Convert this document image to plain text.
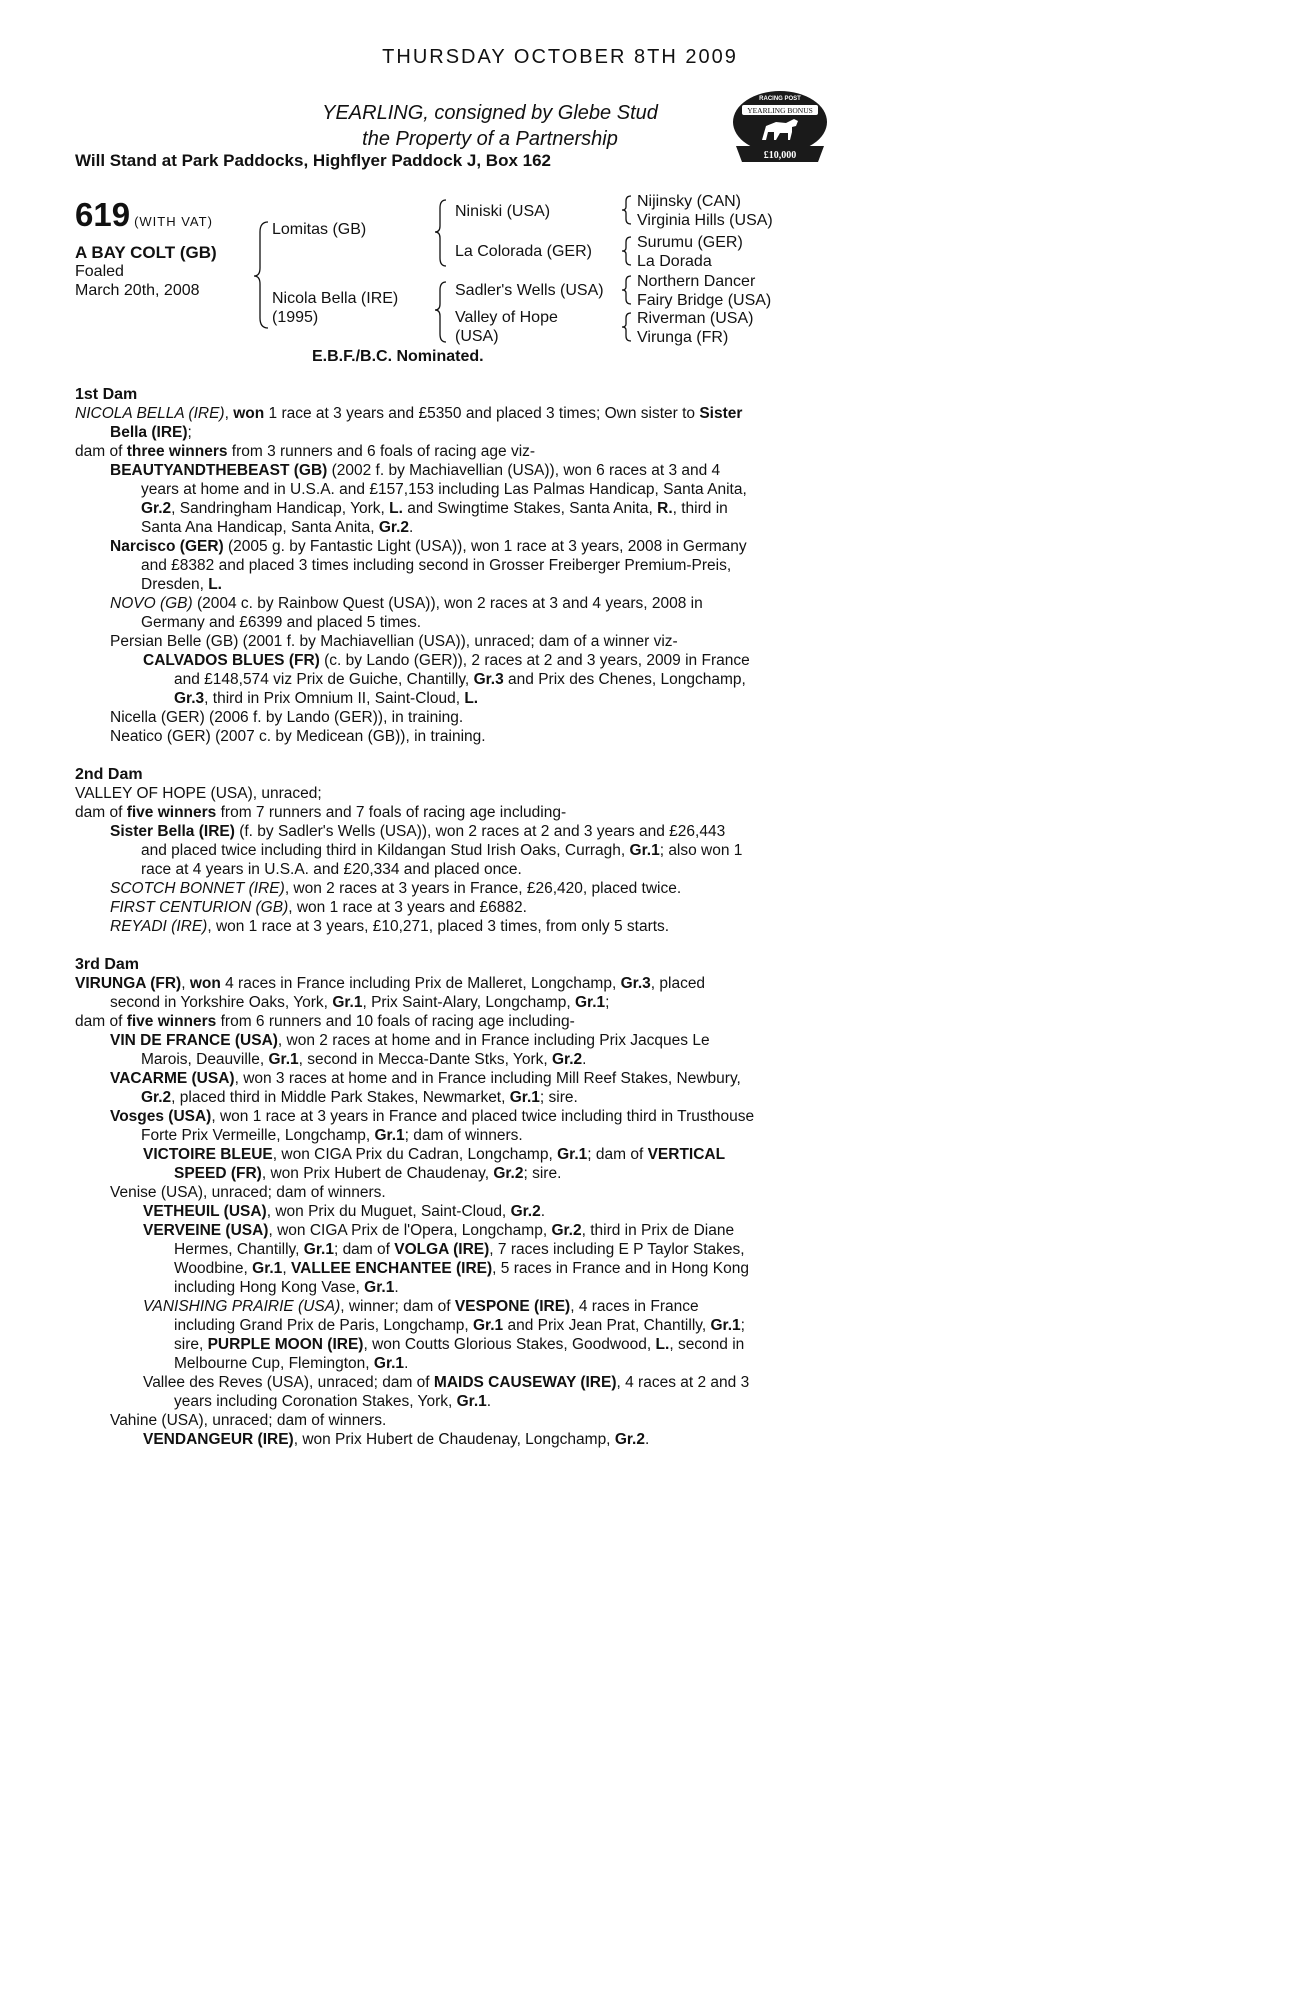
THURSDAY OCTOBER 8TH 2009
YEARLING, consigned by Glebe Stud
the Property of a Partnership
Will Stand at Park Paddocks, Highflyer Paddock J, Box 162
RACING POST
YEARLING BONUS
£10,000
619 (WITH VAT)
A BAY COLT (GB)
Foaled
March 20th, 2008
Lomitas (GB)
Nicola Bella (IRE)
(1995)
Niniski (USA)
La Colorada (GER)
Sadler's Wells (USA)
Valley of Hope
(USA)
Nijinsky (CAN)
Virginia Hills (USA)
Surumu (GER)
La Dorada
Northern Dancer
Fairy Bridge (USA)
Riverman (USA)
Virunga (FR)
E.B.F./B.C. Nominated.
1st Dam

NICOLA BELLA (IRE), won 1 race at 3 years and £5350 and placed 3 times; Own sister to Sister Bella (IRE);

dam of three winners from 3 runners and 6 foals of racing age viz-

BEAUTYANDTHEBEAST (GB) (2002 f. by Machiavellian (USA)), won 6 races at 3 and 4 years at home and in U.S.A. and £157,153 including Las Palmas Handicap, Santa Anita, Gr.2, Sandringham Handicap, York, L. and Swingtime Stakes, Santa Anita, R., third in Santa Ana Handicap, Santa Anita, Gr.2.

Narcisco (GER) (2005 g. by Fantastic Light (USA)), won 1 race at 3 years, 2008 in Germany and £8382 and placed 3 times including second in Grosser Freiberger Premium-Preis, Dresden, L.

NOVO (GB) (2004 c. by Rainbow Quest (USA)), won 2 races at 3 and 4 years, 2008 in Germany and £6399 and placed 5 times.

Persian Belle (GB) (2001 f. by Machiavellian (USA)), unraced; dam of a winner viz-

CALVADOS BLUES (FR) (c. by Lando (GER)), 2 races at 2 and 3 years, 2009 in France and £148,574 viz Prix de Guiche, Chantilly, Gr.3 and Prix des Chenes, Longchamp, Gr.3, third in Prix Omnium II, Saint-Cloud, L.

Nicella (GER) (2006 f. by Lando (GER)), in training.

Neatico (GER) (2007 c. by Medicean (GB)), in training.

2nd Dam

VALLEY OF HOPE (USA), unraced;

dam of five winners from 7 runners and 7 foals of racing age including-

Sister Bella (IRE) (f. by Sadler's Wells (USA)), won 2 races at 2 and 3 years and £26,443 and placed twice including third in Kildangan Stud Irish Oaks, Curragh, Gr.1; also won 1 race at 4 years in U.S.A. and £20,334 and placed once.

SCOTCH BONNET (IRE), won 2 races at 3 years in France, £26,420, placed twice.

FIRST CENTURION (GB), won 1 race at 3 years and £6882.

REYADI (IRE), won 1 race at 3 years, £10,271, placed 3 times, from only 5 starts.

3rd Dam

VIRUNGA (FR), won 4 races in France including Prix de Malleret, Longchamp, Gr.3, placed second in Yorkshire Oaks, York, Gr.1, Prix Saint-Alary, Longchamp, Gr.1;

dam of five winners from 6 runners and 10 foals of racing age including-

VIN DE FRANCE (USA), won 2 races at home and in France including Prix Jacques Le Marois, Deauville, Gr.1, second in Mecca-Dante Stks, York, Gr.2.

VACARME (USA), won 3 races at home and in France including Mill Reef Stakes, Newbury, Gr.2, placed third in Middle Park Stakes, Newmarket, Gr.1; sire.

Vosges (USA), won 1 race at 3 years in France and placed twice including third in Trusthouse Forte Prix Vermeille, Longchamp, Gr.1; dam of winners.

VICTOIRE BLEUE, won CIGA Prix du Cadran, Longchamp, Gr.1; dam of VERTICAL SPEED (FR), won Prix Hubert de Chaudenay, Gr.2; sire.

Venise (USA), unraced; dam of winners.

VETHEUIL (USA), won Prix du Muguet, Saint-Cloud, Gr.2.

VERVEINE (USA), won CIGA Prix de l'Opera, Longchamp, Gr.2, third in Prix de Diane Hermes, Chantilly, Gr.1; dam of VOLGA (IRE), 7 races including E P Taylor Stakes, Woodbine, Gr.1, VALLEE ENCHANTEE (IRE), 5 races in France and in Hong Kong including Hong Kong Vase, Gr.1.

VANISHING PRAIRIE (USA), winner; dam of VESPONE (IRE), 4 races in France including Grand Prix de Paris, Longchamp, Gr.1 and Prix Jean Prat, Chantilly, Gr.1; sire, PURPLE MOON (IRE), won Coutts Glorious Stakes, Goodwood, L., second in Melbourne Cup, Flemington, Gr.1.

Vallee des Reves (USA), unraced; dam of MAIDS CAUSEWAY (IRE), 4 races at 2 and 3 years including Coronation Stakes, York, Gr.1.

Vahine (USA), unraced; dam of winners.

VENDANGEUR (IRE), won Prix Hubert de Chaudenay, Longchamp, Gr.2.
